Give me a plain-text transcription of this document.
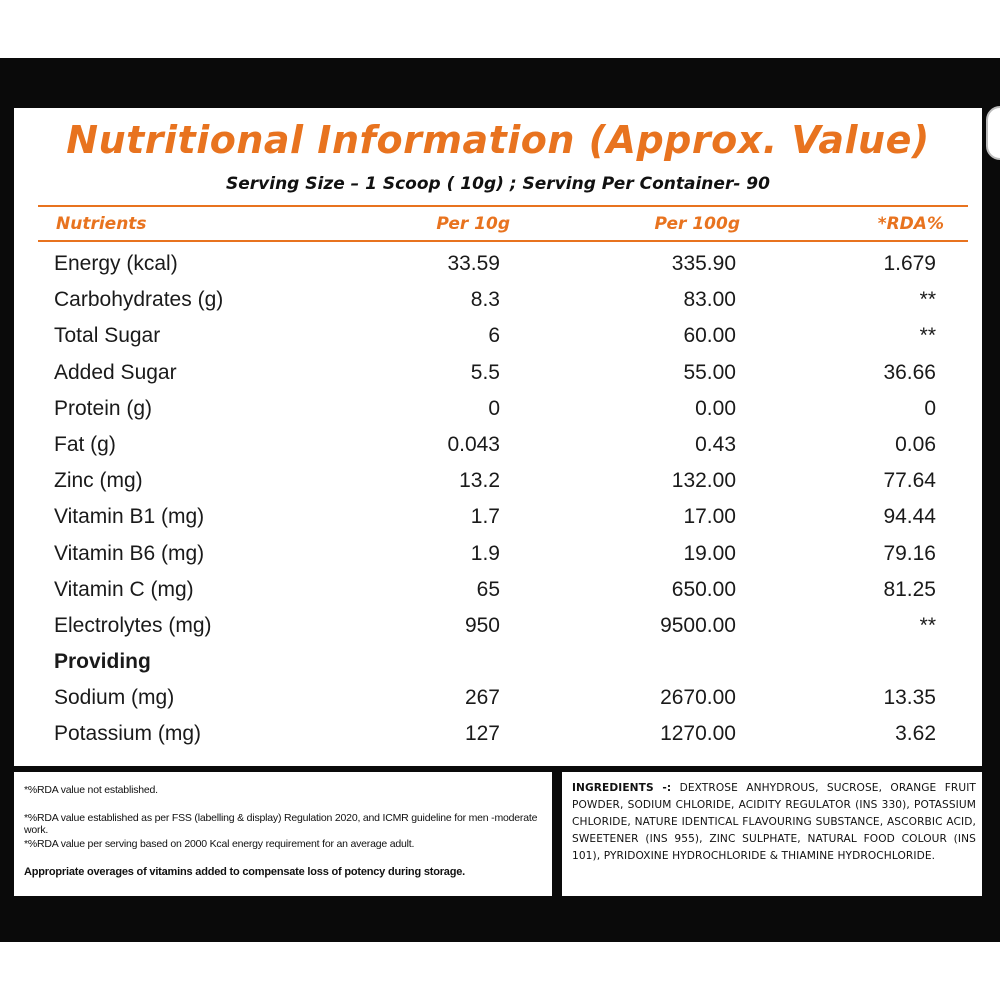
Nutritional Information (Approx. Value)

Serving Size – 1 Scoop ( 10g) ; Serving Per Container- 90

Nutrients	Per 10g	Per 100g	*RDA%
Energy (kcal)	33.59	335.90	1.679
Carbohydrates (g)	8.3	83.00	**
Total Sugar	6	60.00	**
Added Sugar	5.5	55.00	36.66
Protein (g)	0	0.00	0
Fat (g)	0.043	0.43	0.06
Zinc (mg)	13.2	132.00	77.64
Vitamin B1 (mg)	1.7	17.00	94.44
Vitamin B6 (mg)	1.9	19.00	79.16
Vitamin C (mg)	65	650.00	81.25
Electrolytes (mg)	950	9500.00	**
Providing
Sodium (mg)	267	2670.00	13.35
Potassium (mg)	127	1270.00	3.62

*%RDA value not established.

*%RDA value established as per FSS (labelling & display) Regulation 2020, and ICMR guideline for men -moderate work.

*%RDA value per serving based on 2000 Kcal energy requirement for an average adult.

Appropriate overages of vitamins added to compensate loss of potency during storage.

INGREDIENTS -: DEXTROSE ANHYDROUS, SUCROSE, ORANGE FRUIT POWDER, SODIUM CHLORIDE, ACIDITY REGULATOR (INS 330), POTASSIUM CHLORIDE, NATURE IDENTICAL FLAVOURING SUBSTANCE, ASCORBIC ACID, SWEETENER (INS 955), ZINC SULPHATE, NATURAL FOOD COLOUR (INS 101), PYRIDOXINE HYDROCHLORIDE & THIAMINE HYDROCHLORIDE.
